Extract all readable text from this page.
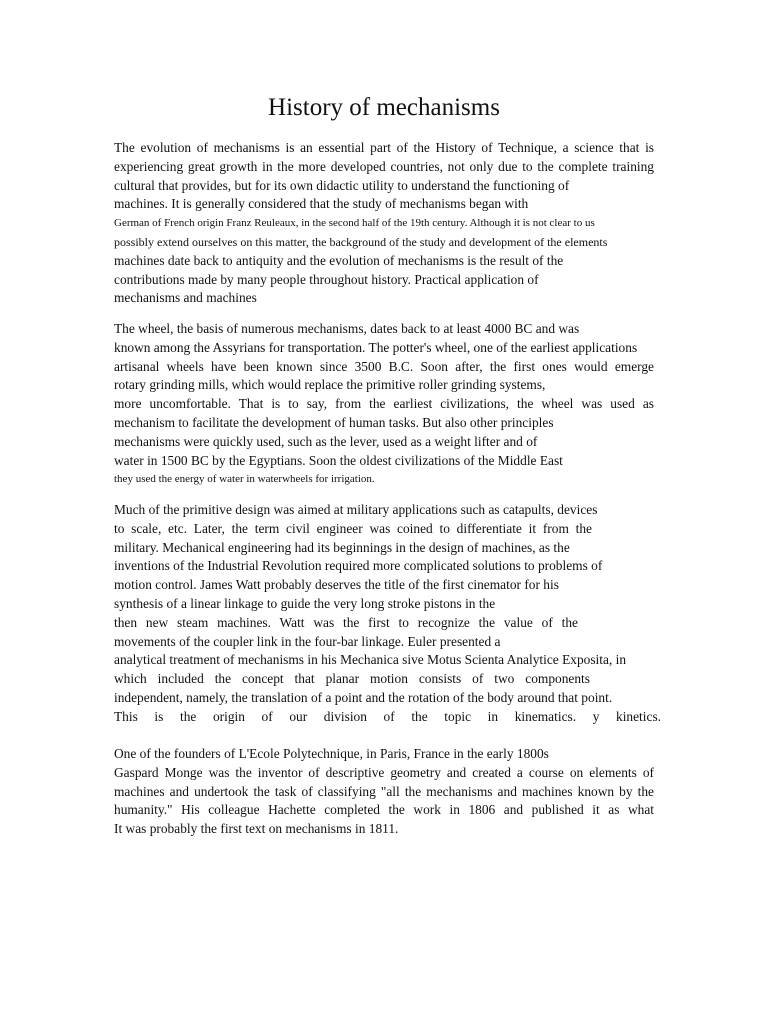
History of mechanisms
The evolution of mechanisms is an essential part of the History of Technique, a science that is
experiencing great growth in the more developed countries, not only due to the complete training
cultural that provides, but for its own didactic utility to understand the functioning of
machines. It is generally considered that the study of mechanisms began with
German of French origin Franz Reuleaux, in the second half of the 19th century. Although it is not clear to us
possibly extend ourselves on this matter, the background of the study and development of the elements
machines date back to antiquity and the evolution of mechanisms is the result of the
contributions made by many people throughout history. Practical application of
mechanisms and machines
The wheel, the basis of numerous mechanisms, dates back to at least 4000 BC and was
known among the Assyrians for transportation. The potter's wheel, one of the earliest applications
artisanal wheels have been known since 3500 B.C. Soon after, the first ones would emerge
rotary grinding mills, which would replace the primitive roller grinding systems,
more uncomfortable. That is to say, from the earliest civilizations, the wheel was used as
mechanism to facilitate the development of human tasks. But also other principles
mechanisms were quickly used, such as the lever, used as a weight lifter and of
water in 1500 BC by the Egyptians. Soon the oldest civilizations of the Middle East
they used the energy of water in waterwheels for irrigation.
Much of the primitive design was aimed at military applications such as catapults, devices
to scale, etc. Later, the term civil engineer was coined to differentiate it from the
military. Mechanical engineering had its beginnings in the design of machines, as the
inventions of the Industrial Revolution required more complicated solutions to problems of
motion control. James Watt probably deserves the title of the first cinemator for his
synthesis of a linear linkage to guide the very long stroke pistons in the
then new steam machines. Watt was the first to recognize the value of the
movements of the coupler link in the four-bar linkage. Euler presented a
analytical treatment of mechanisms in his Mechanica sive Motus Scienta Analytice Exposita, in
which included the concept that planar motion consists of two components
independent, namely, the translation of a point and the rotation of the body around that point.
This is the origin of our division of the topic in kinematics. y kinetics.
One of the founders of L'Ecole Polytechnique, in Paris, France in the early 1800s
Gaspard Monge was the inventor of descriptive geometry and created a course on elements of
machines and undertook the task of classifying "all the mechanisms and machines known by the
humanity." His colleague Hachette completed the work in 1806 and published it as what
It was probably the first text on mechanisms in 1811.
